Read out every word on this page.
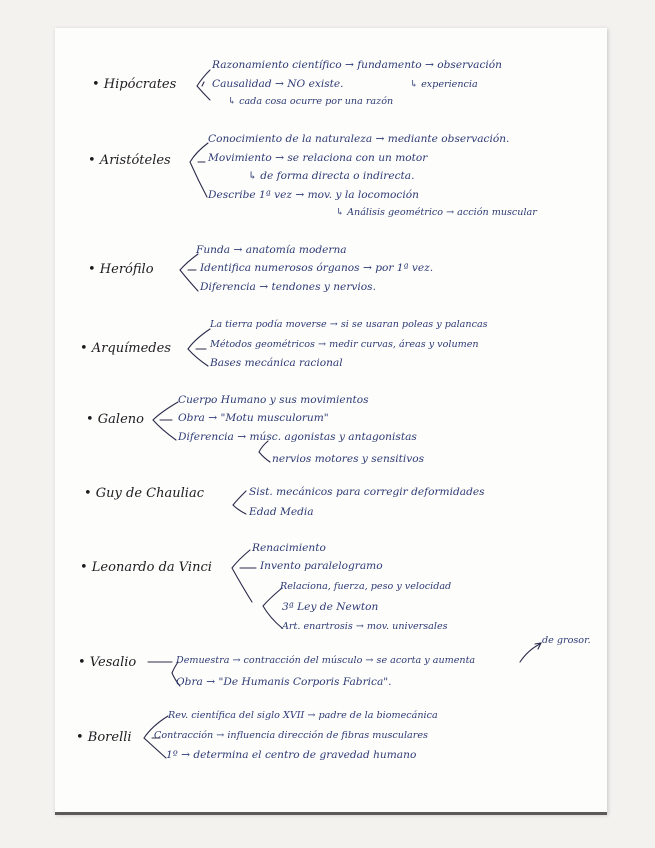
• Hipócrates
Razonamiento científico → fundamento → observación
Causalidad → NO existe.	↳ experiencia
↳ cada cosa ocurre por una razón
• Aristóteles
Conocimiento de la naturaleza → mediante observación.
Movimiento → se relaciona con un motor
↳ de forma directa o indirecta.
Describe 1ª vez → mov. y la locomoción
↳ Análisis geométrico → acción muscular
• Herófilo
Funda → anatomía moderna
Identifica numerosos órganos → por 1ª vez.
Diferencia → tendones y nervios.
• Arquímedes
La tierra podía moverse → si se usaran poleas y palancas
Métodos geométricos → medir curvas, áreas y volumen
Bases mecánica racional
• Galeno
Cuerpo Humano y sus movimientos
Obra → "Motu musculorum"
Diferencia → músc. agonistas y antagonistas
nervios motores y sensitivos
• Guy de Chauliac	Sist. mecánicos para corregir deformidades
Edad Media
• Leonardo da Vinci
Renacimiento
Invento paralelogramo
Relaciona, fuerza, peso y velocidad
3ª Ley de Newton
Art. enartrosis → mov. universales
• Vesalio	Demuestra → contracción del músculo → se acorta y aumenta
de grosor.
Obra → "De Humanis Corporis Fabrica".
• Borelli
Rev. científica del siglo XVII → padre de la biomecánica
Contracción → influencia dirección de fibras musculares
1º → determina el centro de gravedad humano
